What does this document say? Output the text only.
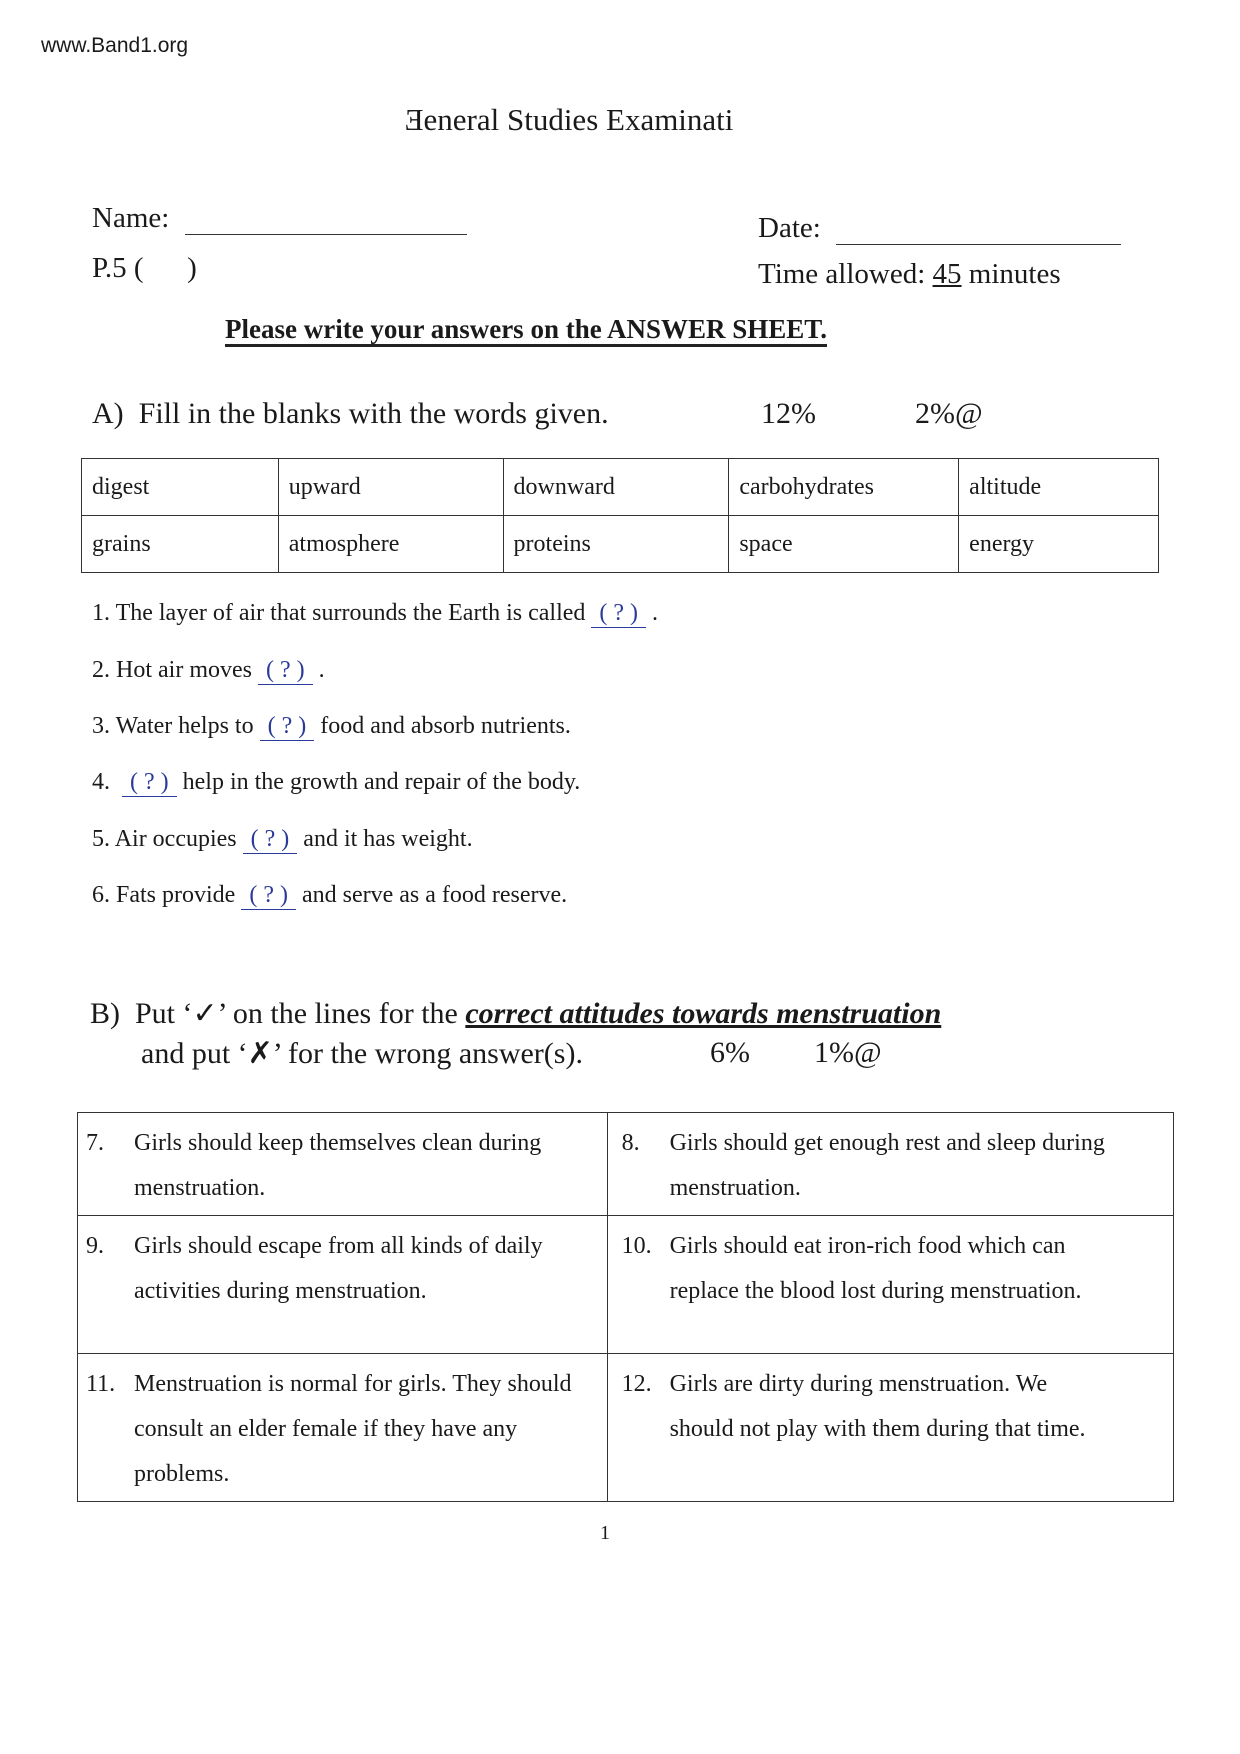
www.Band1.org
Ǝeneral Studies Examinati
Name:	Date:
P.5 (      )	Time allowed: 45 minutes
Please write your answers on the ANSWER SHEET.
A)  Fill in the blanks with the words given.	12%	2%@
digest	upward	downward	carbohydrates	altitude
grains	atmosphere	proteins	space	energy
1. The layer of air that surrounds the Earth is called ( ? ) .
2. Hot air moves ( ? ) .
3. Water helps to ( ? ) food and absorb nutrients.
4. ( ? ) help in the growth and repair of the body.
5. Air occupies ( ? ) and it has weight.
6. Fats provide ( ? ) and serve as a food reserve.
B)  Put ‘✓’ on the lines for the correct attitudes towards menstruation
and put ‘✗’ for the wrong answer(s).	6% 1%@
7. Girls should keep themselves clean during menstruation.	8. Girls should get enough rest and sleep during menstruation.
9. Girls should escape from all kinds of daily activities during menstruation.	10. Girls should eat iron-rich food which can replace the blood lost during menstruation.
11. Menstruation is normal for girls. They should consult an elder female if they have any problems.	12. Girls are dirty during menstruation. We should not play with them during that time.
1
